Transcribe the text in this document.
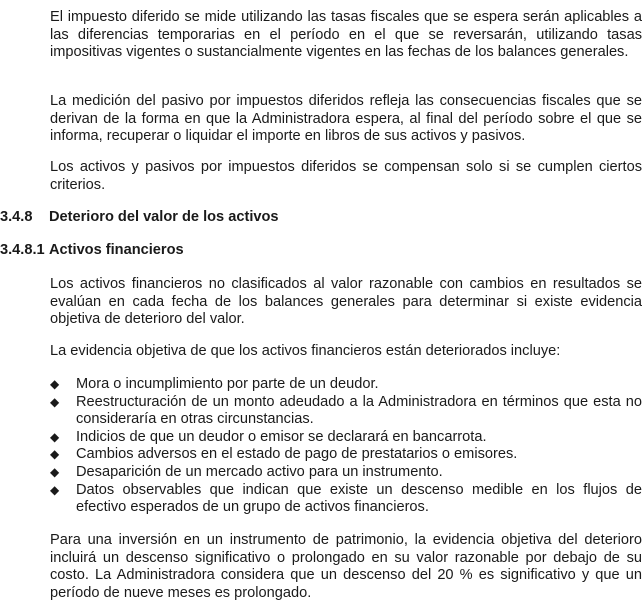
El impuesto diferido se mide utilizando las tasas fiscales que se espera serán aplicables a las diferencias temporarias en el período en el que se reversarán, utilizando tasas impositivas vigentes o sustancialmente vigentes en las fechas de los balances generales.

La medición del pasivo por impuestos diferidos refleja las consecuencias fiscales que se derivan de la forma en que la Administradora espera, al final del período sobre el que se informa, recuperar o liquidar el importe en libros de sus activos y pasivos.

Los activos y pasivos por impuestos diferidos se compensan solo si se cumplen ciertos criterios.

3.4.8 Deterioro del valor de los activos
3.4.8.1 Activos financieros

Los activos financieros no clasificados al valor razonable con cambios en resultados se evalúan en cada fecha de los balances generales para determinar si existe evidencia objetiva de deterioro del valor.

La evidencia objetiva de que los activos financieros están deteriorados incluye:

◆ Mora o incumplimiento por parte de un deudor.
◆ Reestructuración de un monto adeudado a la Administradora en términos que esta no consideraría en otras circunstancias.
◆ Indicios de que un deudor o emisor se declarará en bancarrota.
◆ Cambios adversos en el estado de pago de prestatarios o emisores.
◆ Desaparición de un mercado activo para un instrumento.
◆ Datos observables que indican que existe un descenso medible en los flujos de efectivo esperados de un grupo de activos financieros.

Para una inversión en un instrumento de patrimonio, la evidencia objetiva del deterioro incluirá un descenso significativo o prolongado en su valor razonable por debajo de su costo. La Administradora considera que un descenso del 20 % es significativo y que un período de nueve meses es prolongado.
